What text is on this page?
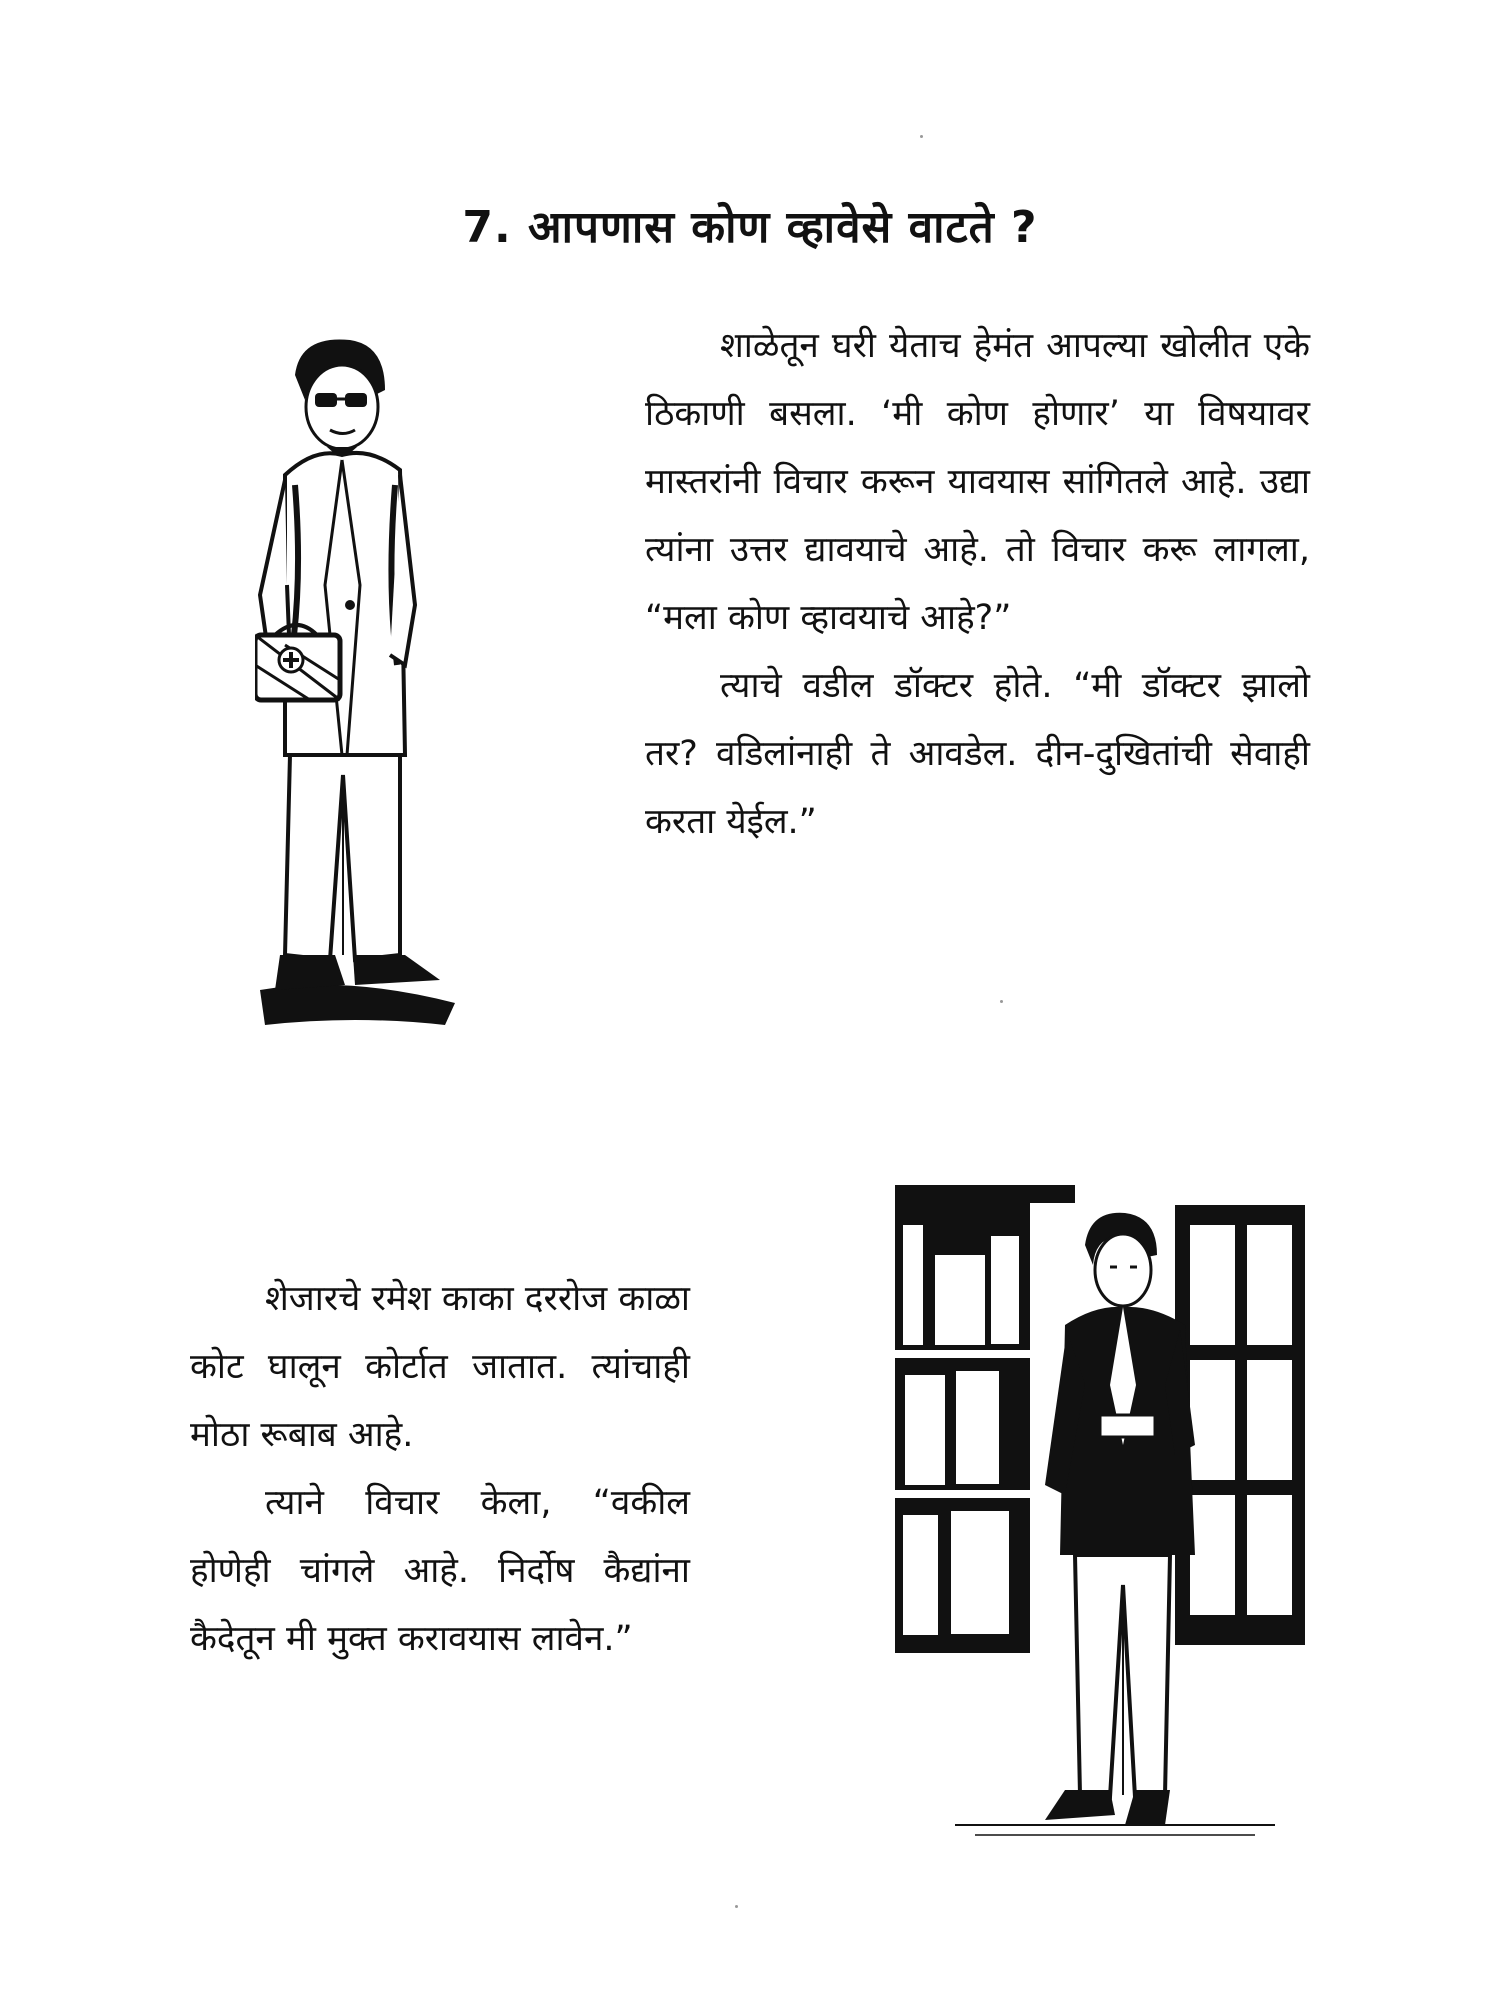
7. आपणास कोण व्हावेसे वाटते ?

शाळेतून घरी येताच हेमंत आपल्या खोलीत एके ठिकाणी बसला. ‘मी कोण होणार’ या विषयावर मास्तरांनी विचार करून यावयास सांगितले आहे. उद्या त्यांना उत्तर द्यावयाचे आहे. तो विचार करू लागला, “मला कोण व्हावयाचे आहे?”

त्याचे वडील डॉक्टर होते. “मी डॉक्टर झालो तर? वडिलांनाही ते आवडेल. दीन-दुखितांची सेवाही करता येईल.”

शेजारचे रमेश काका दररोज काळा कोट घालून कोर्टात जातात. त्यांचाही मोठा रूबाब आहे.

त्याने विचार केला, “वकील होणेही चांगले आहे. निर्दोष कैद्यांना कैदेतून मी मुक्त करावयास लावेन.”
